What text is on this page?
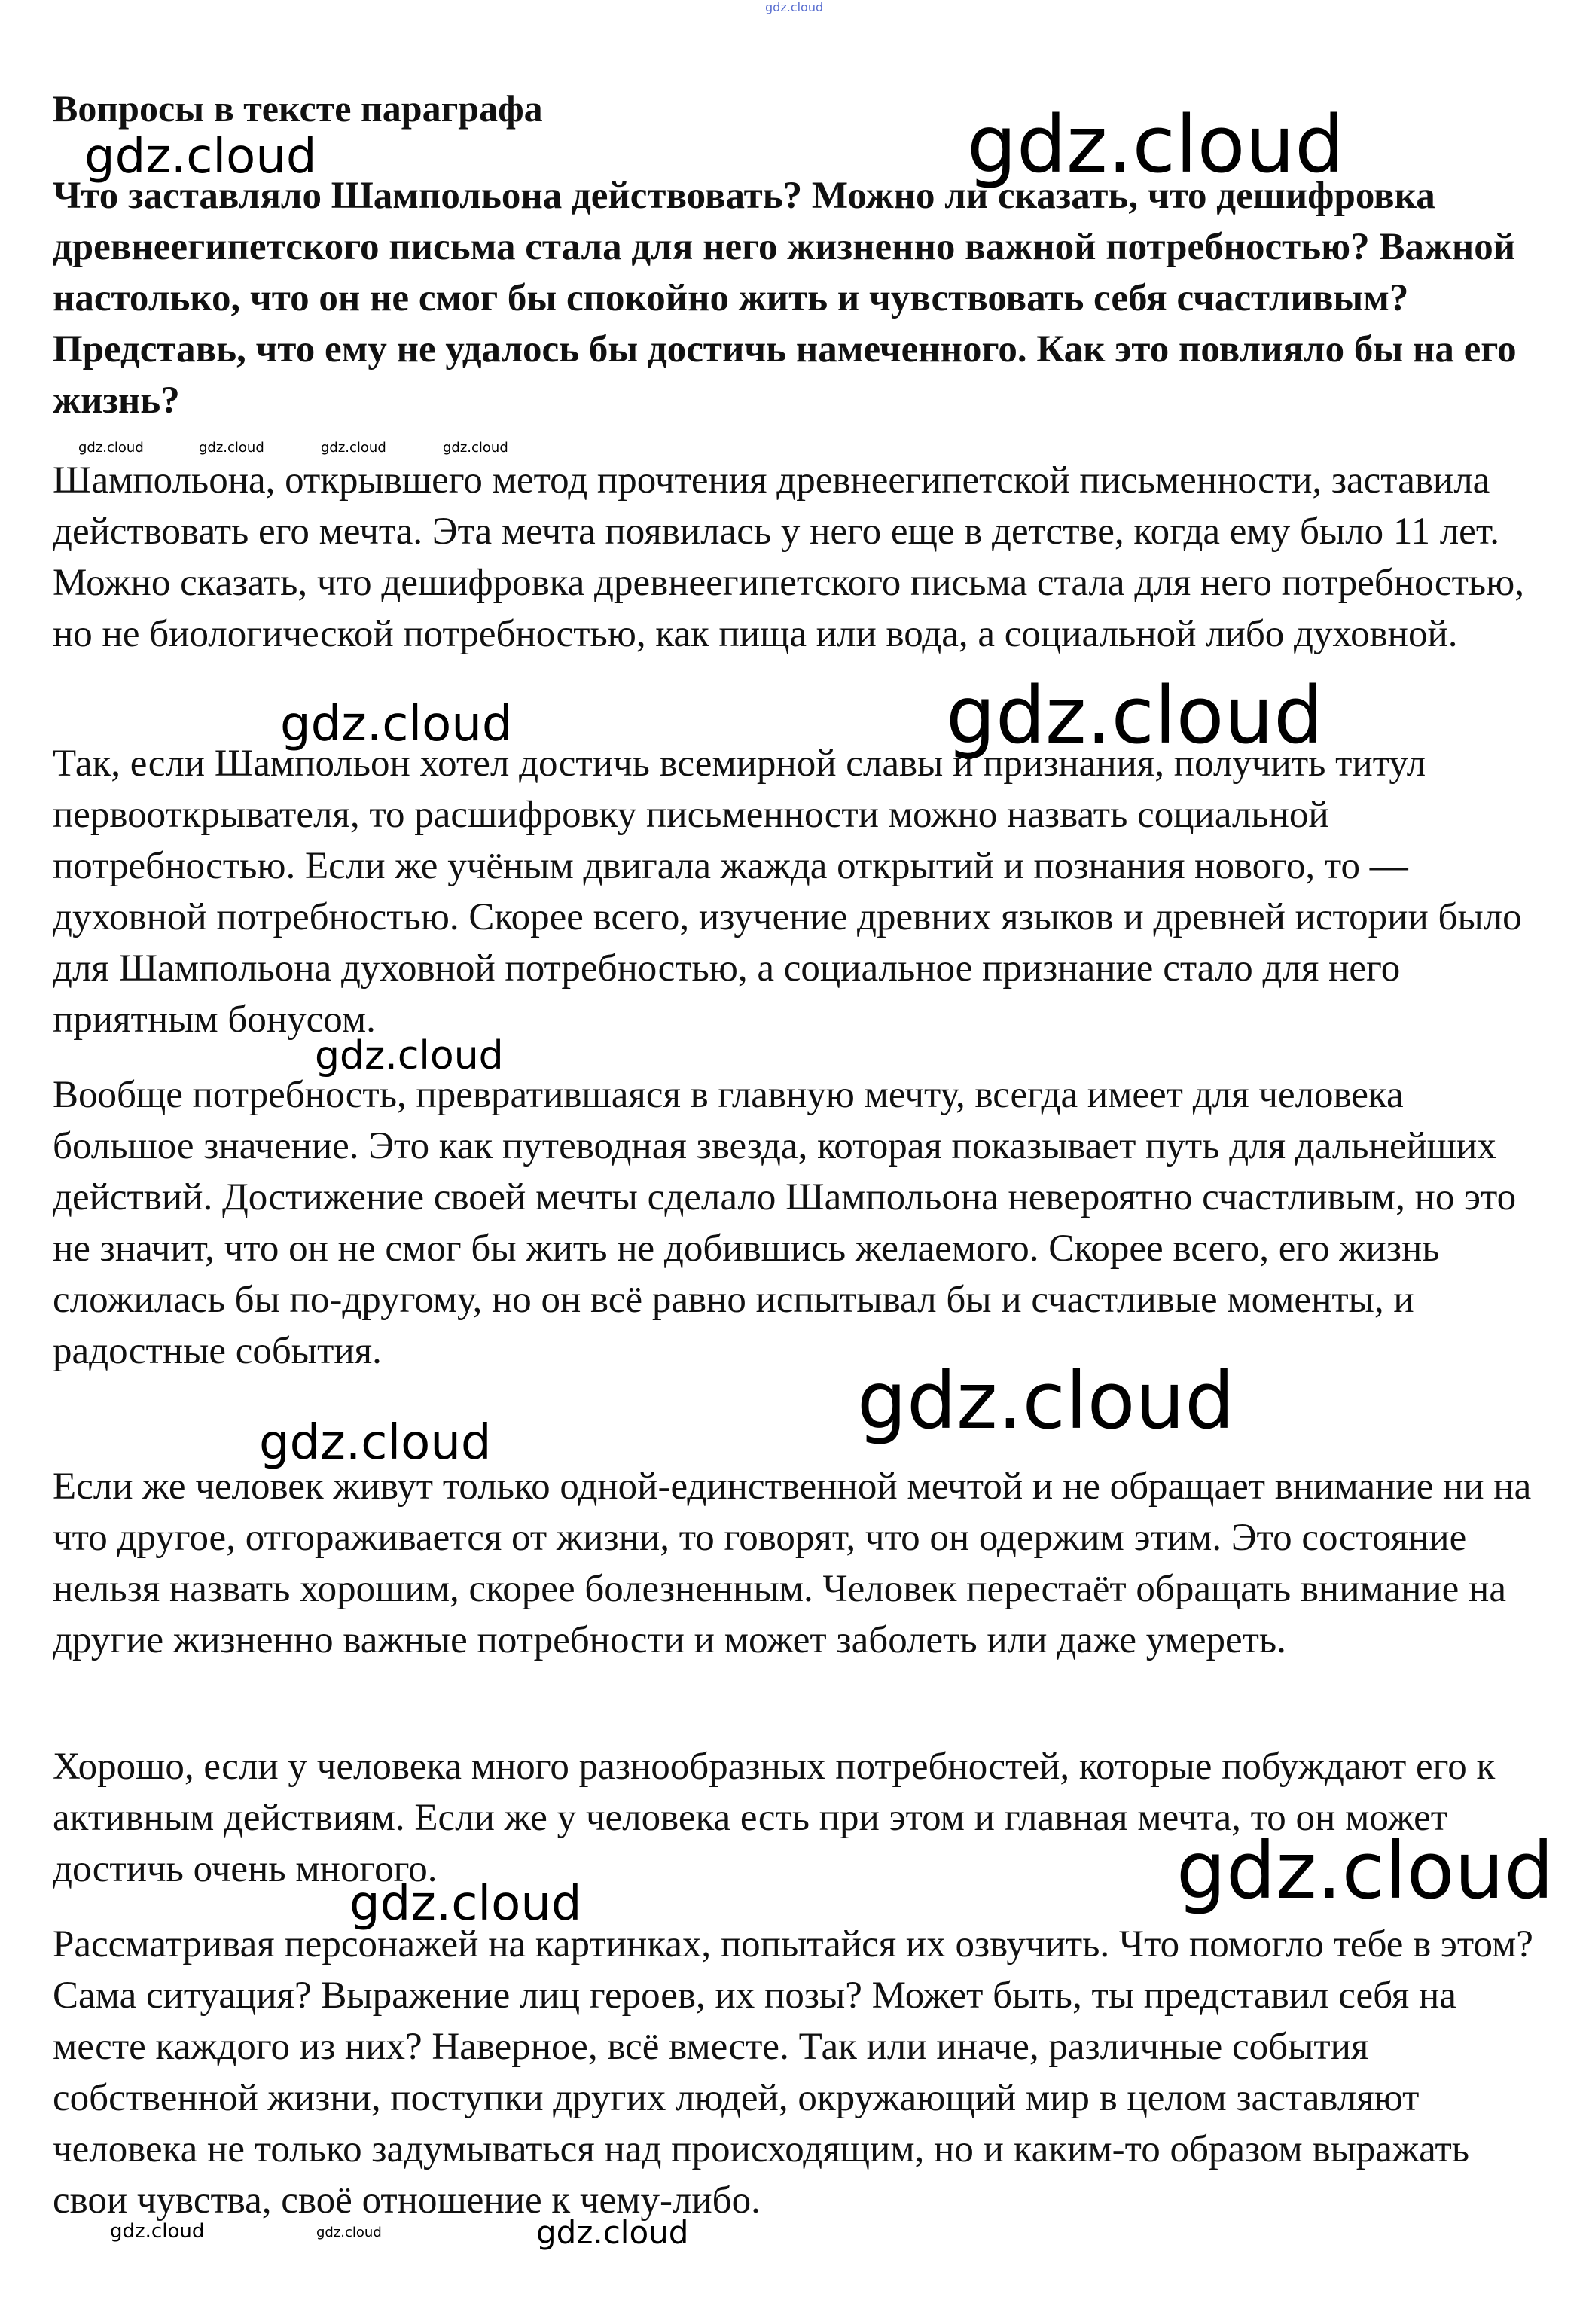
Вопросы в тексте параграфа

Что заставляло Шампольона действовать? Можно ли сказать, что дешифровка древнеегипетского письма стала для него жизненно важной потребностью? Важной настолько, что он не смог бы спокойно жить и чувствовать себя счастливым? Представь, что ему не удалось бы достичь намеченного. Как это повлияло бы на его жизнь?

Шампольона, открывшего метод прочтения древнеегипетской письменности, заставила действовать его мечта. Эта мечта появилась у него еще в детстве, когда ему было 11 лет. Можно сказать, что дешифровка древнеегипетского письма стала для него потребностью, но не биологической потребностью, как пища или вода, а социальной либо духовной.

Так, если Шампольон хотел достичь всемирной славы и признания, получить титул первооткрывателя, то расшифровку письменности можно назвать социальной потребностью. Если же учёным двигала жажда открытий и познания нового, то — духовной потребностью. Скорее всего, изучение древних языков и древней истории было для Шампольона духовной потребностью, а социальное признание стало для него приятным бонусом.

Вообще потребность, превратившаяся в главную мечту, всегда имеет для человека большое значение. Это как путеводная звезда, которая показывает путь для дальнейших действий. Достижение своей мечты сделало Шампольона невероятно счастливым, но это не значит, что он не смог бы жить не добившись желаемого. Скорее всего, его жизнь сложилась бы по-другому, но он всё равно испытывал бы и счастливые моменты, и радостные события.

Если же человек живут только одной-единственной мечтой и не обращает внимание ни на что другое, отгораживается от жизни, то говорят, что он одержим этим. Это состояние нельзя назвать хорошим, скорее болезненным. Человек перестаёт обращать внимание на другие жизненно важные потребности и может заболеть или даже умереть.

Хорошо, если у человека много разнообразных потребностей, которые побуждают его к активным действиям. Если же у человека есть при этом и главная мечта, то он может достичь очень многого.

Рассматривая персонажей на картинках, попытайся их озвучить. Что помогло тебе в этом? Сама ситуация? Выражение лиц героев, их позы? Может быть, ты представил себя на месте каждого из них? Наверное, всё вместе. Так или иначе, различные события собственной жизни, поступки других людей, окружающий мир в целом заставляют человека не только задумываться над происходящим, но и каким-то образом выражать свои чувства, своё отношение к чему-либо.

gdz.cloud
gdz.cloud	gdz.cloud
gdz.cloud	gdz.cloud	gdz.cloud	gdz.cloud
gdz.cloud	gdz.cloud
gdz.cloud
gdz.cloud
gdz.cloud
gdz.cloud
gdz.cloud
gdz.cloud	gdz.cloud	gdz.cloud
